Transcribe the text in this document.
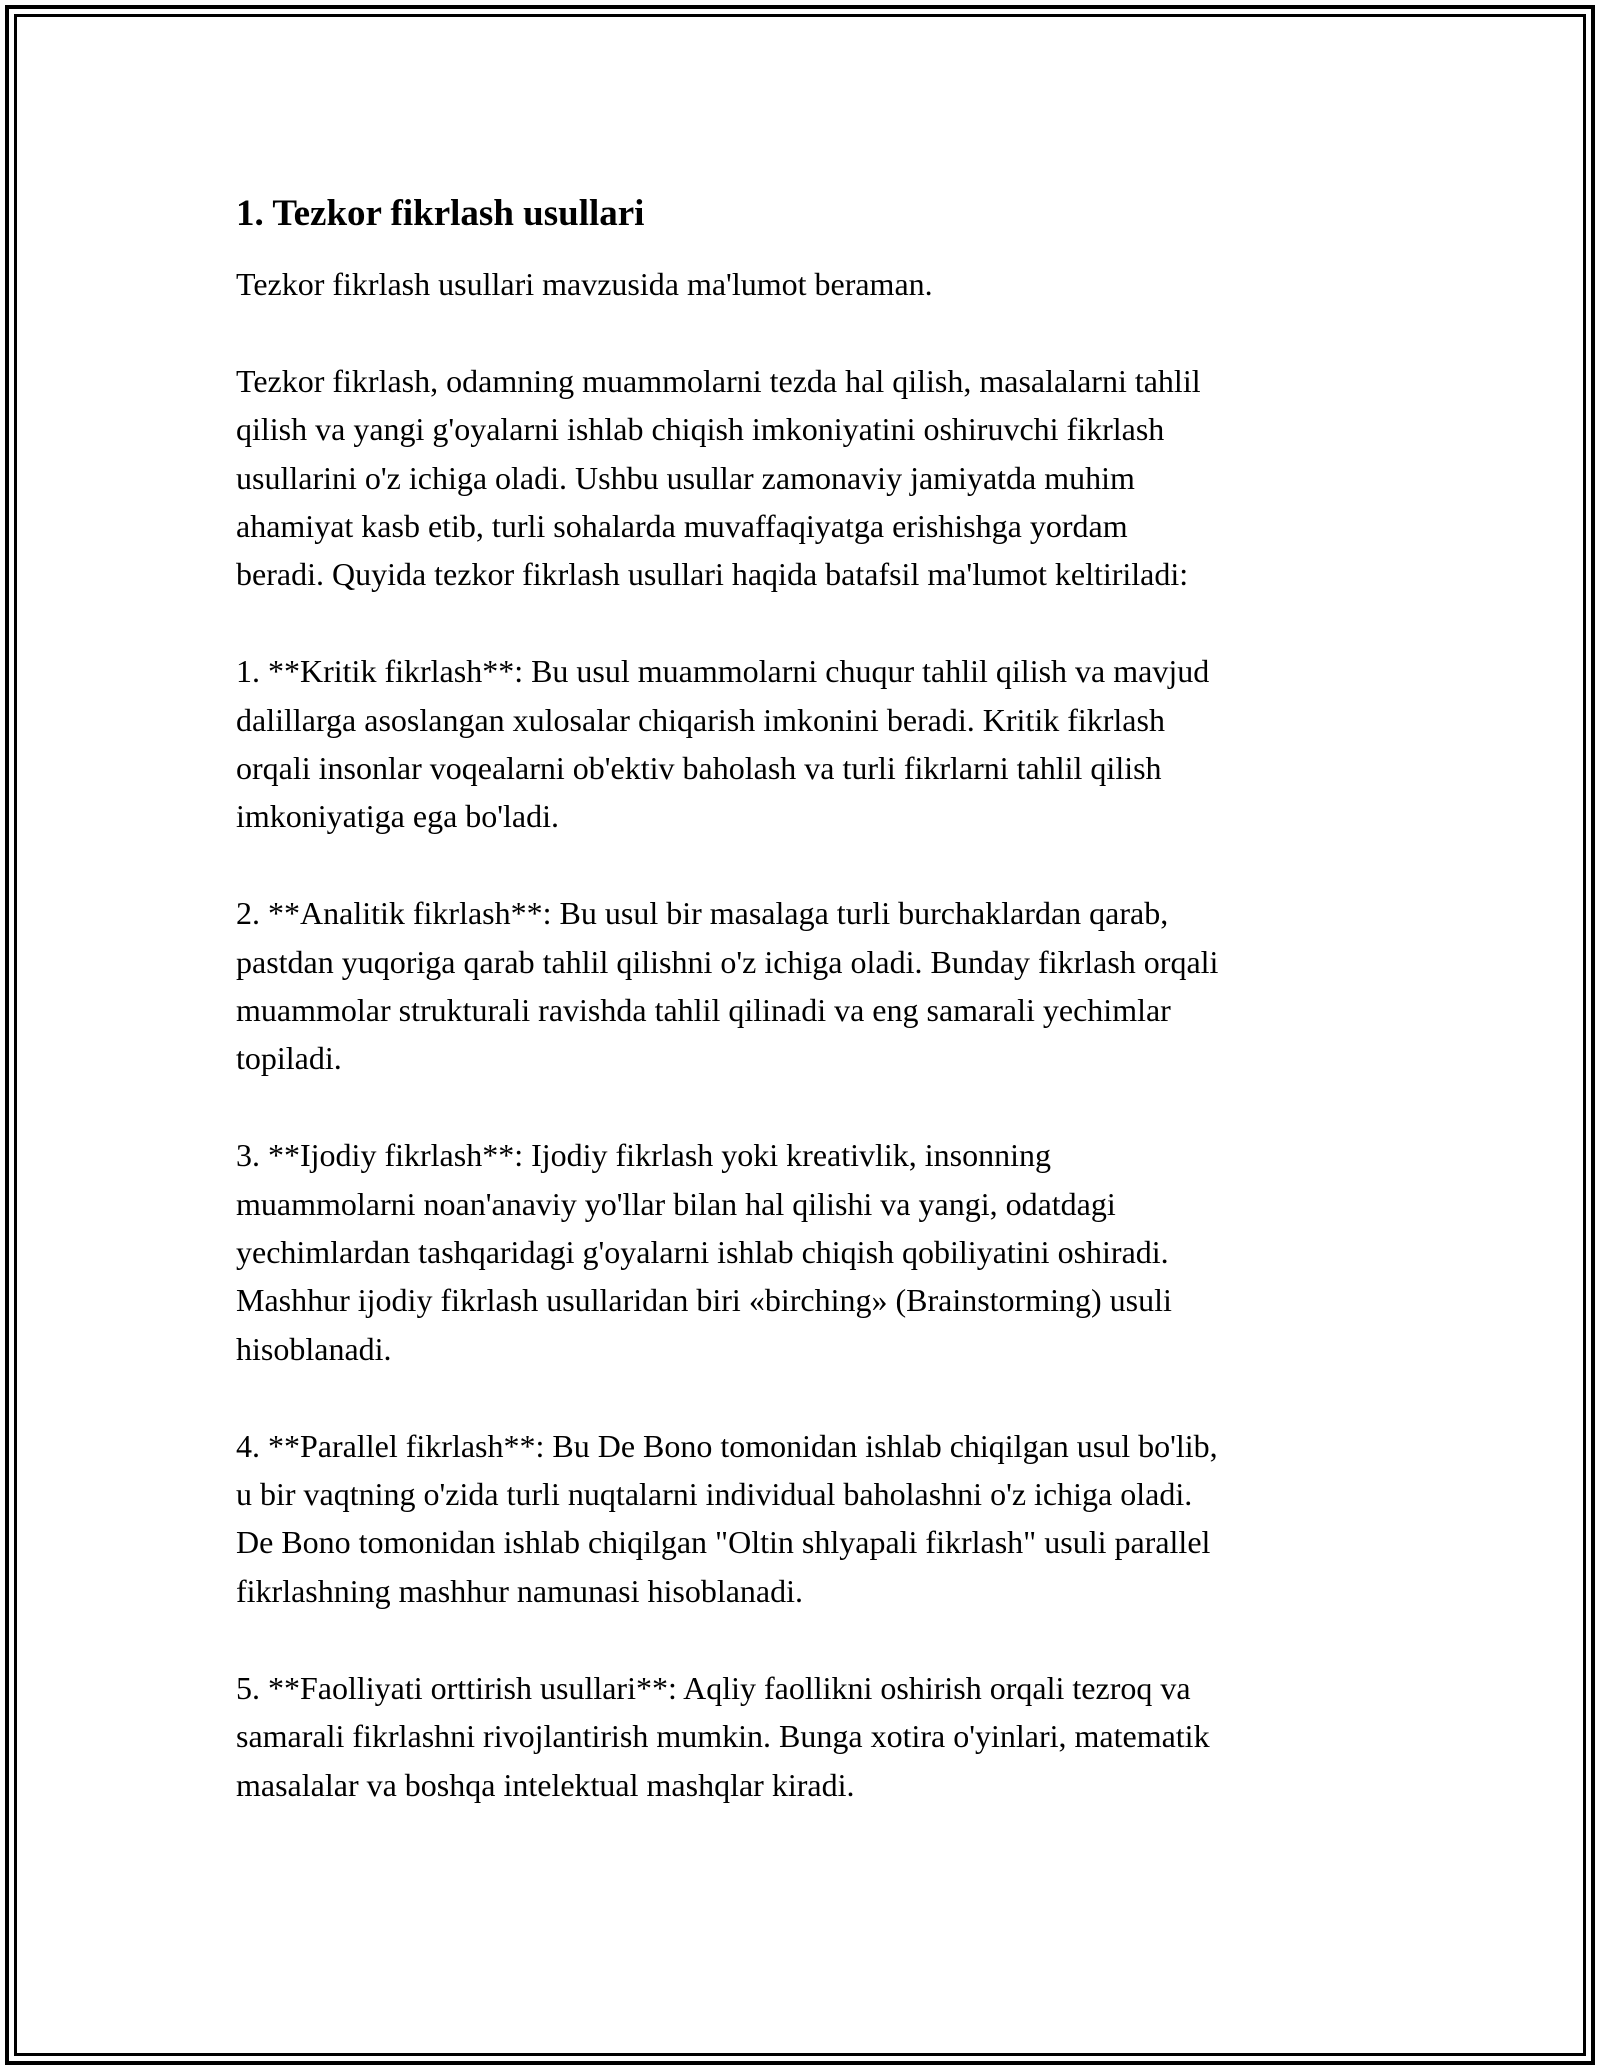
1. Tezkor fikrlash usullari

Tezkor fikrlash usullari mavzusida ma'lumot beraman.

Tezkor fikrlash, odamning muammolarni tezda hal qilish, masalalarni tahlil
qilish va yangi g'oyalarni ishlab chiqish imkoniyatini oshiruvchi fikrlash
usullarini o'z ichiga oladi. Ushbu usullar zamonaviy jamiyatda muhim
ahamiyat kasb etib, turli sohalarda muvaffaqiyatga erishishga yordam
beradi. Quyida tezkor fikrlash usullari haqida batafsil ma'lumot keltiriladi:

1. **Kritik fikrlash**: Bu usul muammolarni chuqur tahlil qilish va mavjud
dalillarga asoslangan xulosalar chiqarish imkonini beradi. Kritik fikrlash
orqali insonlar voqealarni ob'ektiv baholash va turli fikrlarni tahlil qilish
imkoniyatiga ega bo'ladi.

2. **Analitik fikrlash**: Bu usul bir masalaga turli burchaklardan qarab,
pastdan yuqoriga qarab tahlil qilishni o'z ichiga oladi. Bunday fikrlash orqali
muammolar strukturali ravishda tahlil qilinadi va eng samarali yechimlar
topiladi.

3. **Ijodiy fikrlash**: Ijodiy fikrlash yoki kreativlik, insonning
muammolarni noan'anaviy yo'llar bilan hal qilishi va yangi, odatdagi
yechimlardan tashqaridagi g'oyalarni ishlab chiqish qobiliyatini oshiradi.
Mashhur ijodiy fikrlash usullaridan biri «birching» (Brainstorming) usuli
hisoblanadi.

4. **Parallel fikrlash**: Bu De Bono tomonidan ishlab chiqilgan usul bo'lib,
u bir vaqtning o'zida turli nuqtalarni individual baholashni o'z ichiga oladi.
De Bono tomonidan ishlab chiqilgan "Oltin shlyapali fikrlash" usuli parallel
fikrlashning mashhur namunasi hisoblanadi.

5. **Faolliyati orttirish usullari**: Aqliy faollikni oshirish orqali tezroq va
samarali fikrlashni rivojlantirish mumkin. Bunga xotira o'yinlari, matematik
masalalar va boshqa intelektual mashqlar kiradi.
